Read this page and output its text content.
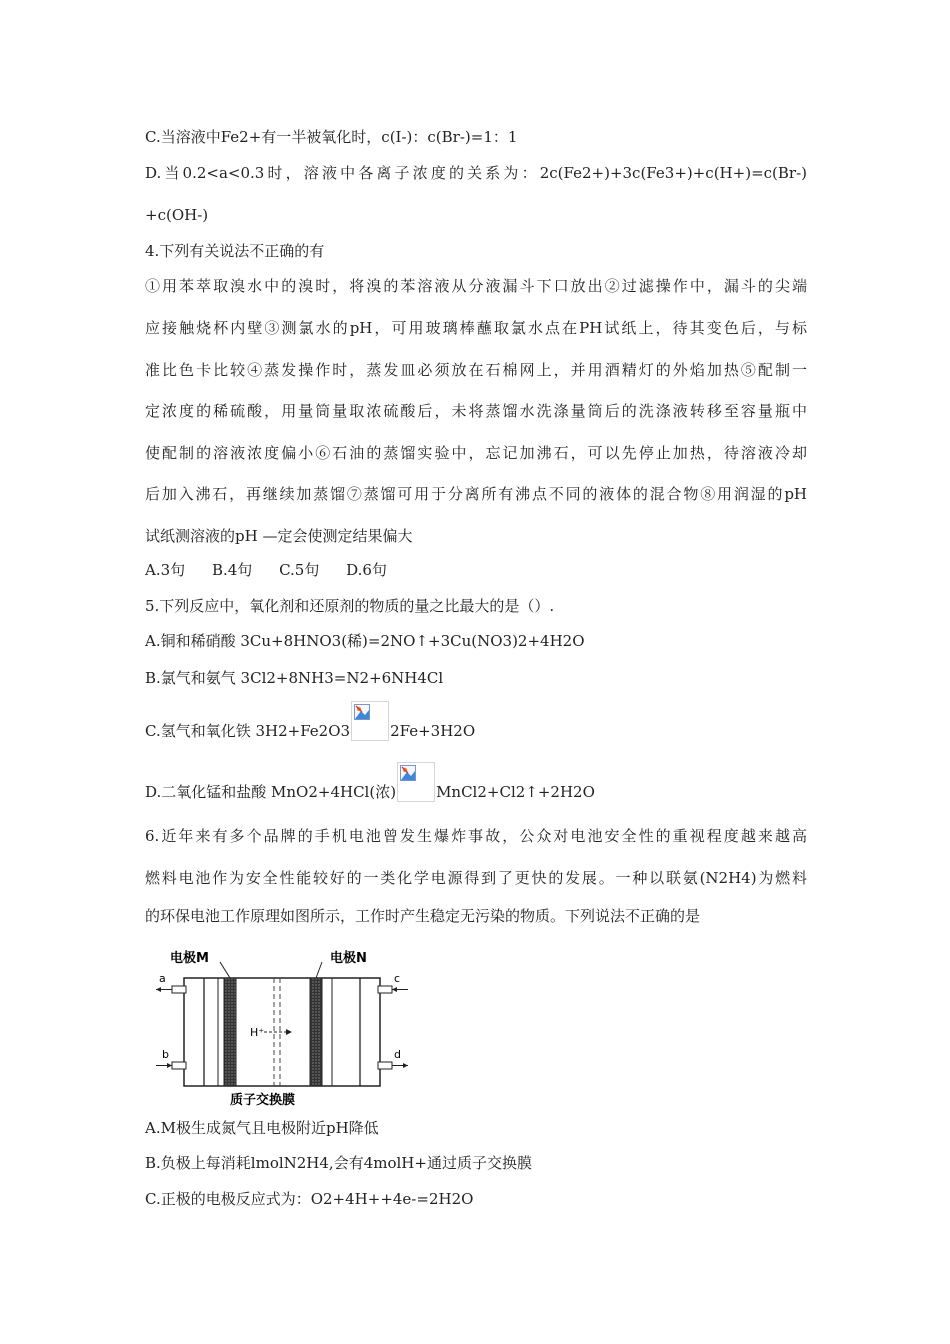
C.当溶液中Fe2+有一半被氧化时，c(I-)：c(Br-)=1：1
D.当0.2<a<0.3时，溶液中各离子浓度的关系为：2c(Fe2+)+3c(Fe3+)+c(H+)=c(Br-)
+c(OH-)
4.下列有关说法不正确的有
①用苯萃取溴水中的溴时，将溴的苯溶液从分液漏斗下口放出②过滤操作中，漏斗的尖端
应接触烧杯内壁③测氯水的pH，可用玻璃棒蘸取氯水点在PH试纸上，待其变色后，与标
准比色卡比较④蒸发操作时，蒸发皿必须放在石棉网上，并用酒精灯的外焰加热⑤配制一
定浓度的稀硫酸，用量筒量取浓硫酸后，未将蒸馏水洗涤量筒后的洗涤液转移至容量瓶中
使配制的溶液浓度偏小⑥石油的蒸馏实验中，忘记加沸石，可以先停止加热，待溶液冷却
后加入沸石，再继续加蒸馏⑦蒸馏可用于分离所有沸点不同的液体的混合物⑧用润湿的pH
试纸测溶液的pH —定会使测定结果偏大
A.3句 B.4句 C.5句 D.6句
5.下列反应中，氧化剂和还原剂的物质的量之比最大的是（）.
A.铜和稀硝酸 3Cu+8HNO3(稀)=2NO↑+3Cu(NO3)2+4H2O
B.氯气和氨气 3Cl2+8NH3=N2+6NH4Cl
C.氢气和氧化铁 3H2+Fe2O3	2Fe+3H2O
D.二氧化锰和盐酸 MnO2+4HCl(浓)	MnCl2+Cl2↑+2H2O
6.近年来有多个品牌的手机电池曾发生爆炸事故，公众对电池安全性的重视程度越来越高
燃料电池作为安全性能较好的一类化学电源得到了更快的发展。一种以联氨(N2H4)为燃料
的环保电池工作原理如图所示，工作时产生稳定无污染的物质。下列说法不正确的是
电极M	电极N
a
b
c
d
H⁺
质子交换膜
A.M极生成氮气且电极附近pH降低
B.负极上每消耗lmolN2H4,会有4molH+通过质子交换膜
C.正极的电极反应式为：O2+4H++4e-=2H2O
